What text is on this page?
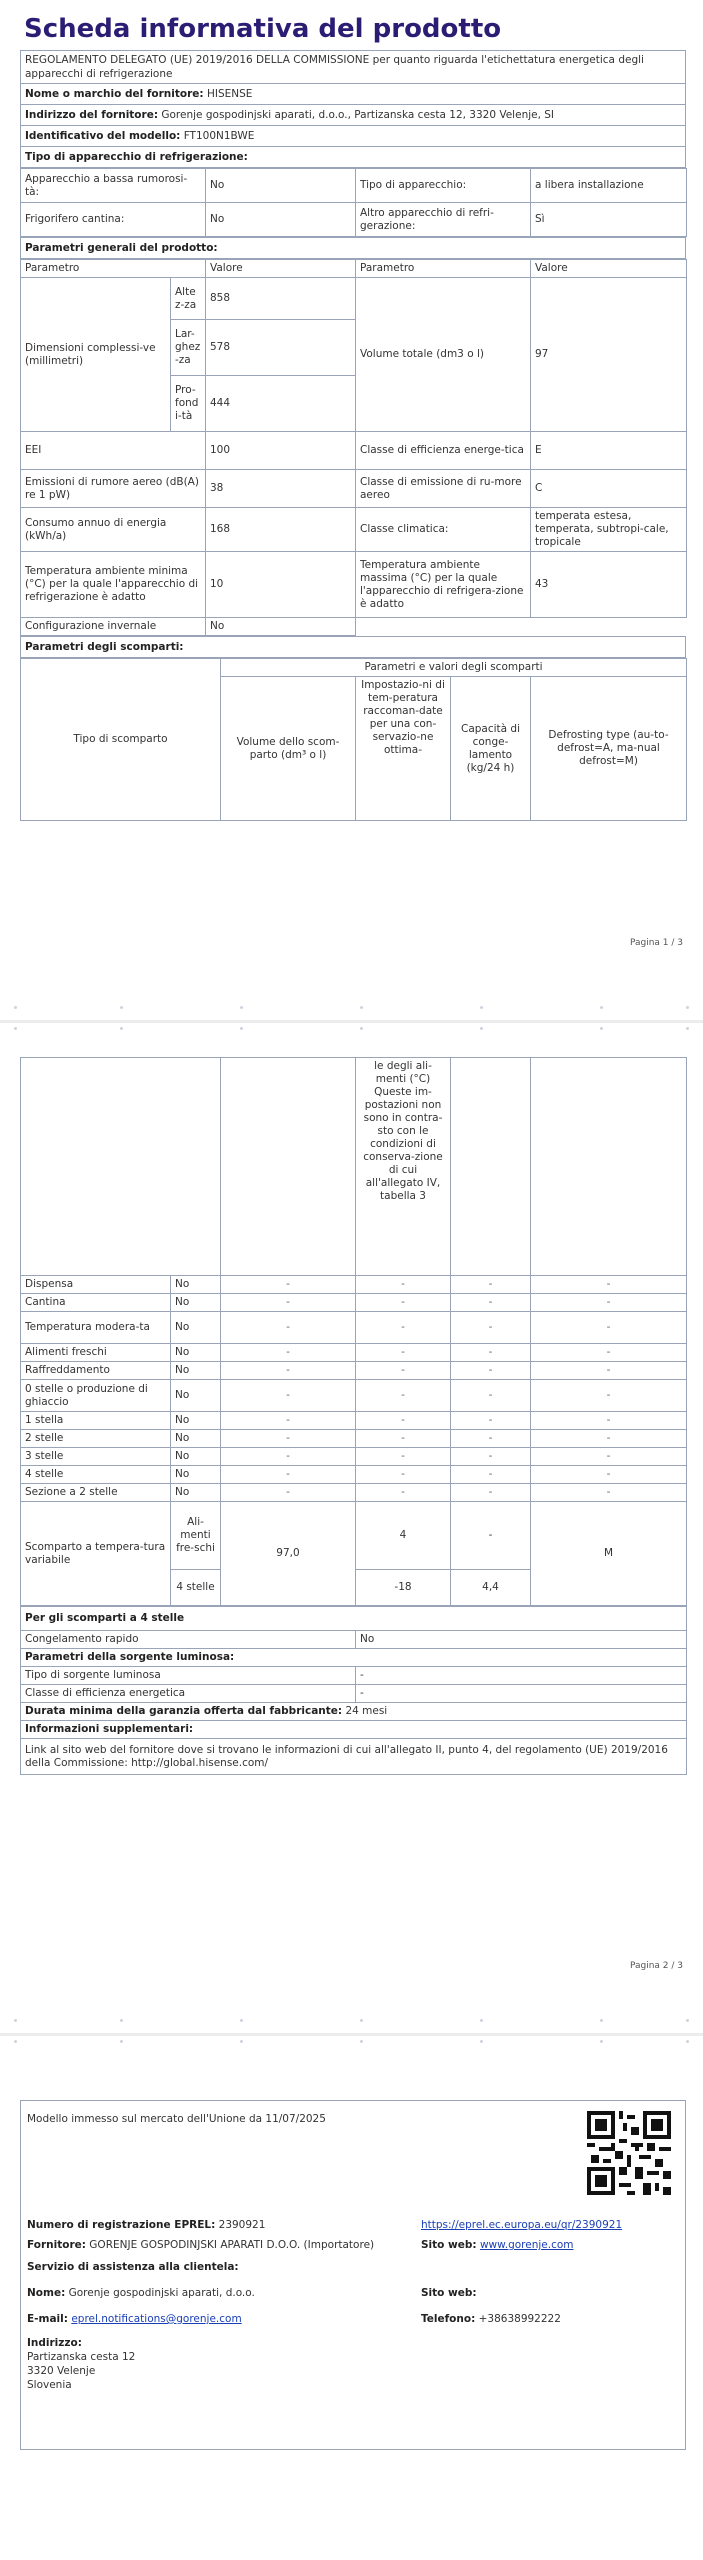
Scheda informativa del prodotto
REGOLAMENTO DELEGATO (UE) 2019/2016 DELLA COMMISSIONE per quanto riguarda l'etichettatura energetica degli apparecchi di refrigerazione
Nome o marchio del fornitore: HISENSE
Indirizzo del fornitore: Gorenje gospodinjski aparati, d.o.o., Partizanska cesta 12, 3320 Velenje, SI
Identificativo del modello: FT100N1BWE
Tipo di apparecchio di refrigerazione:
Apparecchio a bassa rumorosi-tà:	No	Tipo di apparecchio:	a libera installazione
Frigorifero cantina:	No	Altro apparecchio di refri-gerazione:	Sì
Parametri generali del prodotto:
Parametro		Valore	Parametro	Valore
Dimensioni complessi-ve (millimetri)	Altez-za	858	Volume totale (dm3 o l)	97
	Lar-ghez-za	578		
	Pro-fondi-tà	444		
EEI		100	Classe di efficienza energe-tica	E
Emissioni di rumore aereo (dB(A) re 1 pW)		38	Classe di emissione di ru-more aereo	C
Consumo annuo di energia (kWh/a)		168	Classe climatica:	temperata estesa, temperata, subtropi-cale, tropicale
Temperatura ambiente minima (°C) per la quale l'apparecchio di refrigerazione è adatto		10	Temperatura ambiente massima (°C) per la quale l'apparecchio di refrigera-zione è adatto	43
Configurazione invernale		No		
Parametri degli scomparti:
Tipo di scomparto	Parametri e valori degli scomparti			
	Volume dello scom-parto (dm³ o l)	Impostazio-ni di tem-peratura raccoman-date per una con-servazio-ne ottima-	Capacità di conge-lamento (kg/24 h)	Defrosting type (au-to-defrost=A, ma-nual defrost=M)
Pagina 1 / 3
			le degli ali-menti (°C) Queste im-postazioni non sono in contra-sto con le condizioni di conserva-zione di cui all'allegato IV, tabella 3		
Dispensa	No	-	-	-	-
Cantina	No	-	-	-	-
Temperatura modera-ta	No	-	-	-	-
Alimenti freschi	No	-	-	-	-
Raffreddamento	No	-	-	-	-
0 stelle o produzione di ghiaccio	No	-	-	-	-
1 stella	No	-	-	-	-
2 stelle	No	-	-	-	-
3 stelle	No	-	-	-	-
4 stelle	No	-	-	-	-
Sezione a 2 stelle	No	-	-	-	-
Scomparto a tempera-tura variabile	Ali-menti fre-schi	97,0	4	-	M
	4 stelle		-18	4,4	
Per gli scomparti a 4 stelle	
Congelamento rapido	No
Parametri della sorgente luminosa:	
Tipo di sorgente luminosa	-
Classe di efficienza energetica	-
Durata minima della garanzia offerta dal fabbricante: 24 mesi	
Informazioni supplementari:	
Link al sito web del fornitore dove si trovano le informazioni di cui all'allegato II, punto 4, del regolamento (UE) 2019/2016 della Commissione: http://global.hisense.com/	
Pagina 2 / 3
Modello immesso sul mercato dell'Unione da 11/07/2025
Numero di registrazione EPREL: 2390921	https://eprel.ec.europa.eu/qr/2390921
Fornitore: GORENJE GOSPODINJSKI APARATI D.O.O. (Importatore)	Sito web: www.gorenje.com
Servizio di assistenza alla clientela:
Nome: Gorenje gospodinjski aparati, d.o.o.	Sito web:
E-mail: eprel.notifications@gorenje.com	Telefono: +38638992222
Indirizzo:
Partizanska cesta 12
3320 Velenje
Slovenia
